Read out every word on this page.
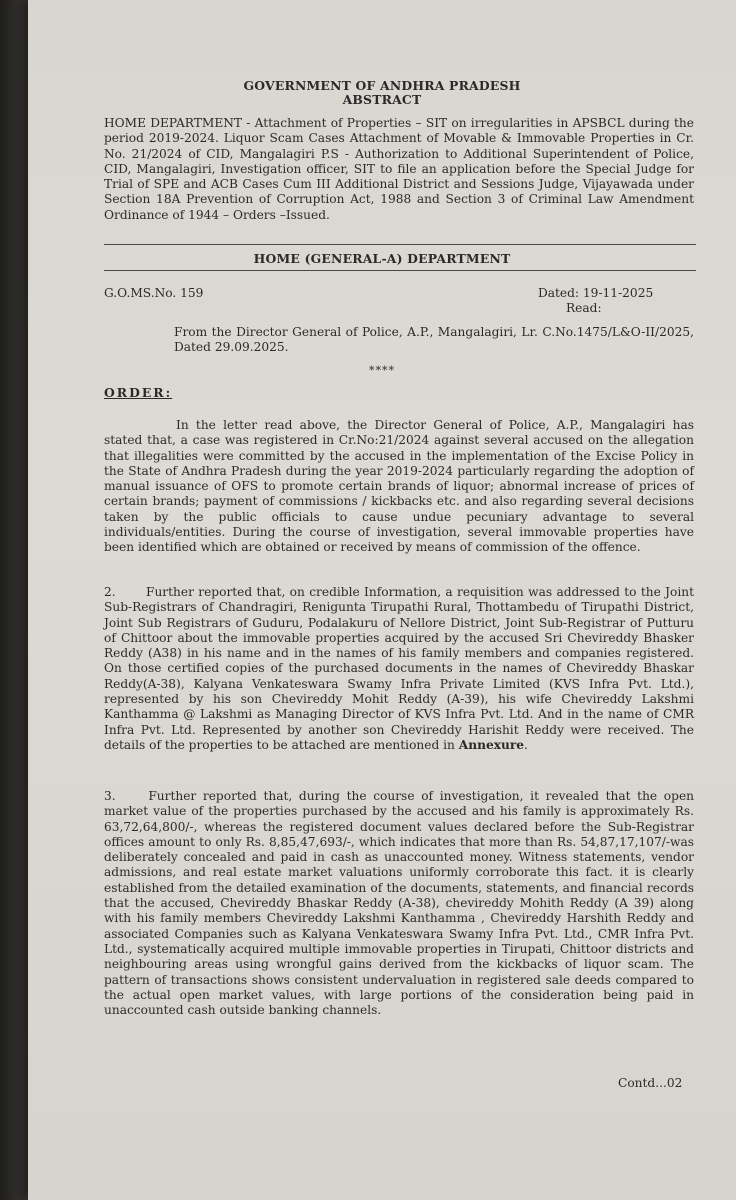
GOVERNMENT OF ANDHRA PRADESH
ABSTRACT
HOME DEPARTMENT - Attachment of Properties – SIT on irregularities in APSBCL during the period 2019-2024. Liquor Scam Cases Attachment of Movable & Immovable Properties in Cr. No. 21/2024 of CID, Mangalagiri P.S - Authorization to Additional Superintendent of Police, CID, Mangalagiri, Investigation officer, SIT to file an application before the Special Judge for Trial of SPE and ACB Cases Cum III Additional District and Sessions Judge, Vijayawada under Section 18A Prevention of Corruption Act, 1988 and Section 3 of Criminal Law Amendment Ordinance of 1944 – Orders –Issued.
HOME (GENERAL-A) DEPARTMENT
G.O.MS.No. 159	Dated: 19-11-2025
Read:
From the Director General of Police, A.P., Mangalagiri, Lr. C.No.1475/L&O-II/2025, Dated 29.09.2025.
****
ORDER:
In the letter read above, the Director General of Police, A.P., Mangalagiri has stated that, a case was registered in Cr.No:21/2024 against several accused on the allegation that illegalities were committed by the accused in the implementation of the Excise Policy in the State of Andhra Pradesh during the year 2019-2024 particularly regarding the adoption of manual issuance of OFS to promote certain brands of liquor; abnormal increase of prices of certain brands; payment of commissions / kickbacks etc. and also regarding several decisions taken by the public officials to cause undue pecuniary advantage to several individuals/entities. During the course of investigation, several immovable properties have been identified which are obtained or received by means of commission of the offence.
2. Further reported that, on credible Information, a requisition was addressed to the Joint Sub-Registrars of Chandragiri, Renigunta Tirupathi Rural, Thottambedu of Tirupathi District, Joint Sub Registrars of Guduru, Podalakuru of Nellore District, Joint Sub-Registrar of Putturu of Chittoor about the immovable properties acquired by the accused Sri Chevireddy Bhasker Reddy (A38) in his name and in the names of his family members and companies registered. On those certified copies of the purchased documents in the names of Chevireddy Bhaskar Reddy(A-38), Kalyana Venkateswara Swamy Infra Private Limited (KVS Infra Pvt. Ltd.), represented by his son Chevireddy Mohit Reddy (A-39), his wife Chevireddy Lakshmi Kanthamma @ Lakshmi as Managing Director of KVS Infra Pvt. Ltd. And in the name of CMR Infra Pvt. Ltd. Represented by another son Chevireddy Harishit Reddy were received. The details of the properties to be attached are mentioned in Annexure.
3.	Further reported that, during the course of investigation, it revealed that the open market value of the properties purchased by the accused and his family is approximately Rs. 63,72,64,800/-, whereas the registered document values declared before the Sub-Registrar offices amount to only Rs. 8,85,47,693/-, which indicates that more than Rs. 54,87,17,107/-was deliberately concealed and paid in cash as unaccounted money. Witness statements, vendor admissions, and real estate market valuations uniformly corroborate this fact. it is clearly established from the detailed examination of the documents, statements, and financial records that the accused, Chevireddy Bhaskar Reddy (A-38), chevireddy Mohith Reddy (A 39) along with his family members Chevireddy Lakshmi Kanthamma , Chevireddy Harshith Reddy and associated Companies such as Kalyana Venkateswara Swamy Infra Pvt. Ltd., CMR Infra Pvt. Ltd., systematically acquired multiple immovable properties in Tirupati, Chittoor districts and neighbouring areas using wrongful gains derived from the kickbacks of liquor scam. The pattern of transactions shows consistent undervaluation in registered sale deeds compared to the actual open market values, with large portions of the consideration being paid in unaccounted cash outside banking channels.
Contd...02
